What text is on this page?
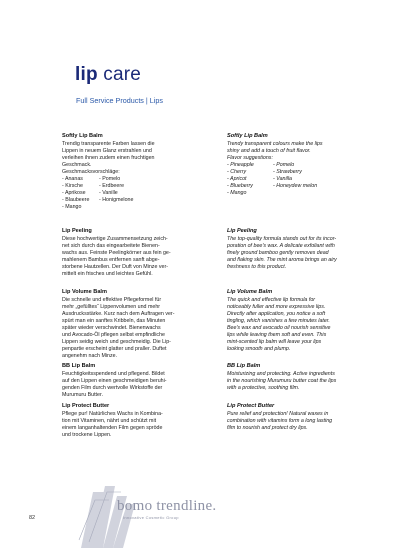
lip care
Full Service Products | Lips
Softly Lip Balm
Trendig transparente Farben lassen die
Lippen in neuem Glanz erstrahlen und
verleihen ihnen zudem einen fruchtigen
Geschmack.
Geschmacksvorschläge:
- Ananas
- Kirsche
- Aprikose
- Blaubeere
- Mango
- Pomelo
- Erdbeere
- Vanille
- Honigmelone
Lip Peeling
Diese hochwertige Zusammensetzung zeich-
net sich durch das eingearbeitete Bienen-
wachs aus. Feinste Peelingkörner aus fein ge-
mahlenem Bambus entfernen sanft abge-
storbene Hautzellen. Der Duft von Minze ver-
mittelt ein frisches und leichtes Gefühl.
Lip Volume Balm
Die schnelle und effektive Pflegeformel für
mehr „gefülltes“ Lippenvolumen und mehr
Ausdrucksstärke. Kurz nach dem Auftragen ver-
spürt man ein sanftes Kribbeln, das Minuten
später wieder verschwindet. Bienenwachs
und Avocado-Öl pflegen selbst empfindliche
Lippen seidig weich und geschmeidig. Die Lip-
penpartie erscheint glatter und praller. Duftet
angenehm nach Minze.
BB Lip Balm
Feuchtigkeitsspendend und pflegend. Bildet
auf den Lippen einen geschmeidigen beruhi-
genden Film durch wertvolle Wirkstoffe der
Murumuru Butter.
Lip Protect Butter
Pflege pur! Natürliches Wachs in Kombina-
tion mit Vitaminen, nährt und schützt mit
einem langanhaltenden Film gegen spröde
und trockene Lippen.
Softly Lip Balm
Trendy transparent colours make the lips
shiny and add a touch of fruit flavor.
Flavor suggestions:
- Pineapple
- Cherry
- Apricot
- Blueberry
- Mango
- Pomelo
- Strawberry
- Vanilla
- Honeydew melon
Lip Peeling
The top-quality formula stands out for its incor-
poration of bee's wax. A delicate exfoliant with
finely ground bamboo gently removes dead
and flaking skin. The mint aroma brings an airy
freshness to this product.
Lip Volume Balm
The quick and effective lip formula for
noticeably fuller and more expressive lips.
Directly after application, you notice a soft
tingling, which vanishes a few minutes later.
Bee's wax and avocado oil nourish sensitive
lips while leaving them soft and even. This
mint-scented lip balm will leave your lips
looking smooth and plump.
BB Lip Balm
Moisturizing and protecting. Active ingredients
in the nourishing Murumuru butter coat the lips
with a protective, soothing film.
Lip Protect Butter
Pure relief and protection! Natural waxes in
combination with vitamins form a long lasting
film to nourish and protect dry lips.
82
bomo trendline.
Innovative Cosmetic Group
